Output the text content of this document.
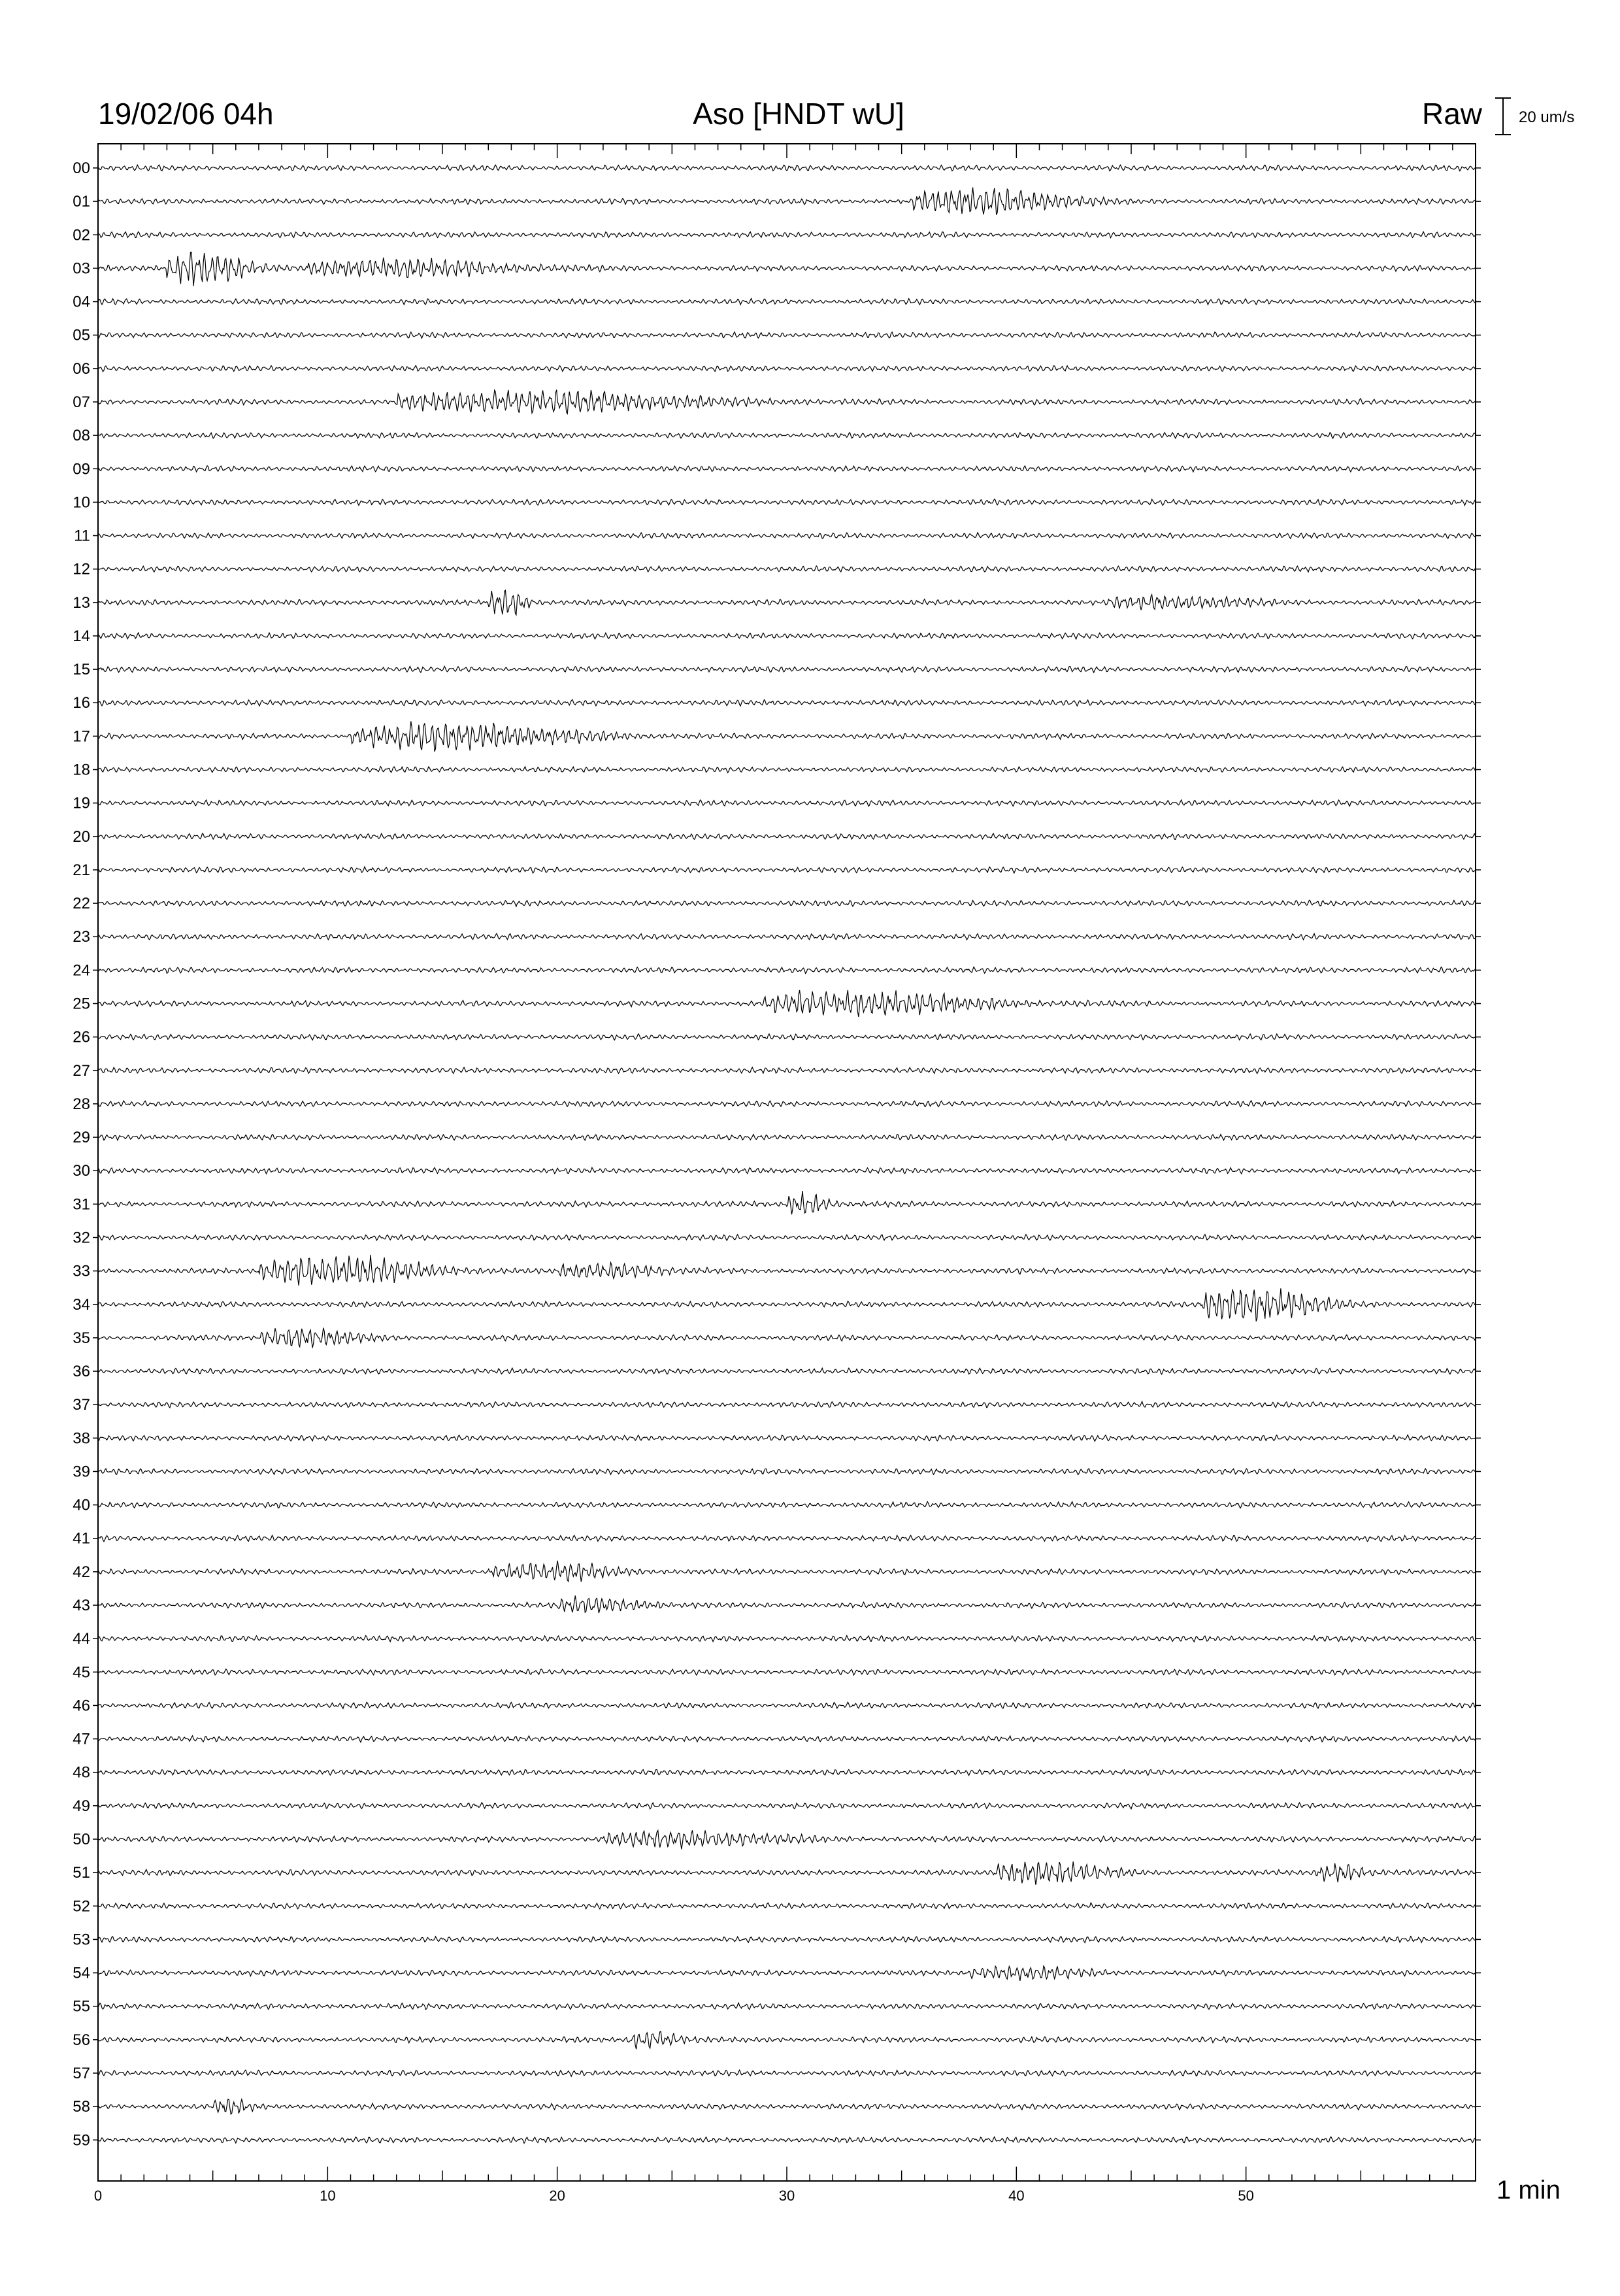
19/02/06 04h	Aso [HNDT wU]	Raw 20 um/s
0	10	20	30	40	50
00
01
02
03
04
05
06
07
08
09
10
11
12
13
14
15
16
17
18
19
20
21
22
23
24
25
26
27
28
29
30
31
32
33
34
35
36
37
38
39
40
41
42
43
44
45
46
47
48
49
50
51
52
53
54
55
56
57
58
59
1 min
